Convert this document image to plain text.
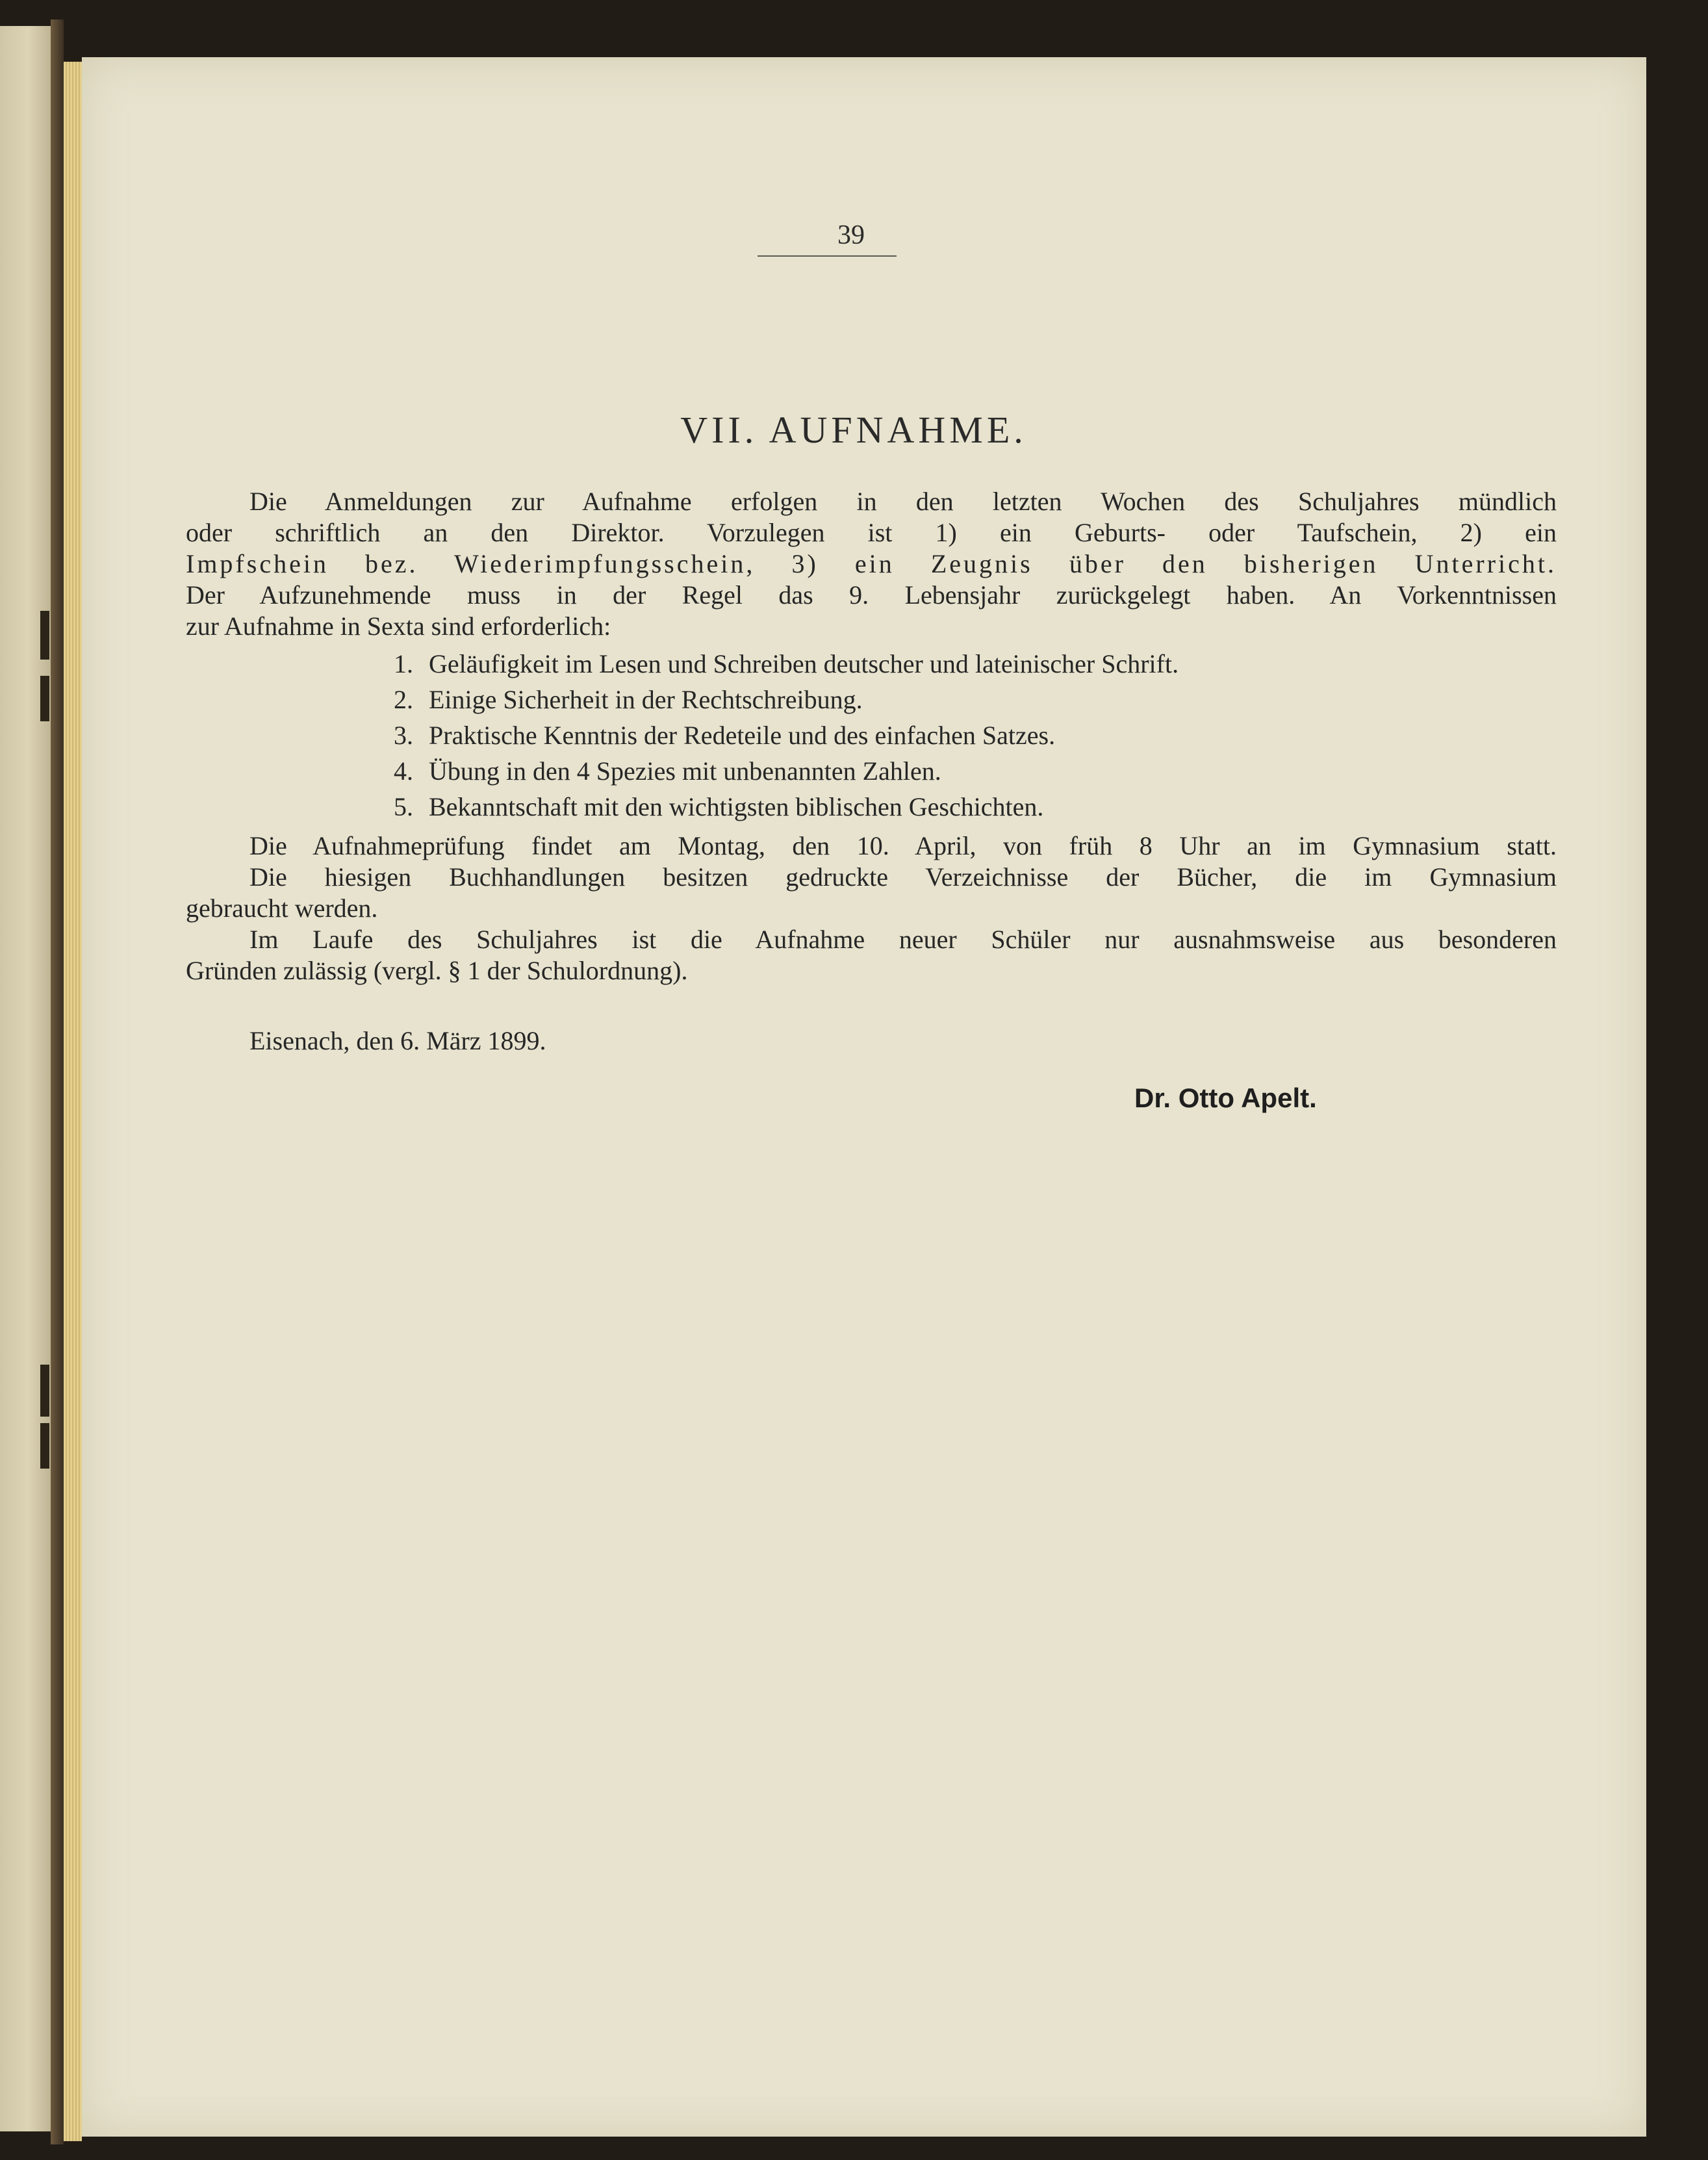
39
VII. AUFNAHME.
Die Anmeldungen zur Aufnahme erfolgen in den letzten Wochen des Schuljahres mündlich
oder schriftlich an den Direktor. Vorzulegen ist 1) ein Geburts- oder Taufschein, 2) ein
Impfschein bez. Wiederimpfungsschein, 3) ein Zeugnis über den bisherigen Unterricht.
Der Aufzunehmende muss in der Regel das 9. Lebensjahr zurückgelegt haben. An Vorkenntnissen
zur Aufnahme in Sexta sind erforderlich:
1. Geläufigkeit im Lesen und Schreiben deutscher und lateinischer Schrift.
2. Einige Sicherheit in der Rechtschreibung.
3. Praktische Kenntnis der Redeteile und des einfachen Satzes.
4. Übung in den 4 Spezies mit unbenannten Zahlen.
5. Bekanntschaft mit den wichtigsten biblischen Geschichten.
Die Aufnahmeprüfung findet am Montag, den 10. April, von früh 8 Uhr an im Gymnasium statt.
Die hiesigen Buchhandlungen besitzen gedruckte Verzeichnisse der Bücher, die im Gymnasium
gebraucht werden.
Im Laufe des Schuljahres ist die Aufnahme neuer Schüler nur ausnahmsweise aus besonderen
Gründen zulässig (vergl. § 1 der Schulordnung).
Eisenach, den 6. März 1899.
Dr. Otto Apelt.
